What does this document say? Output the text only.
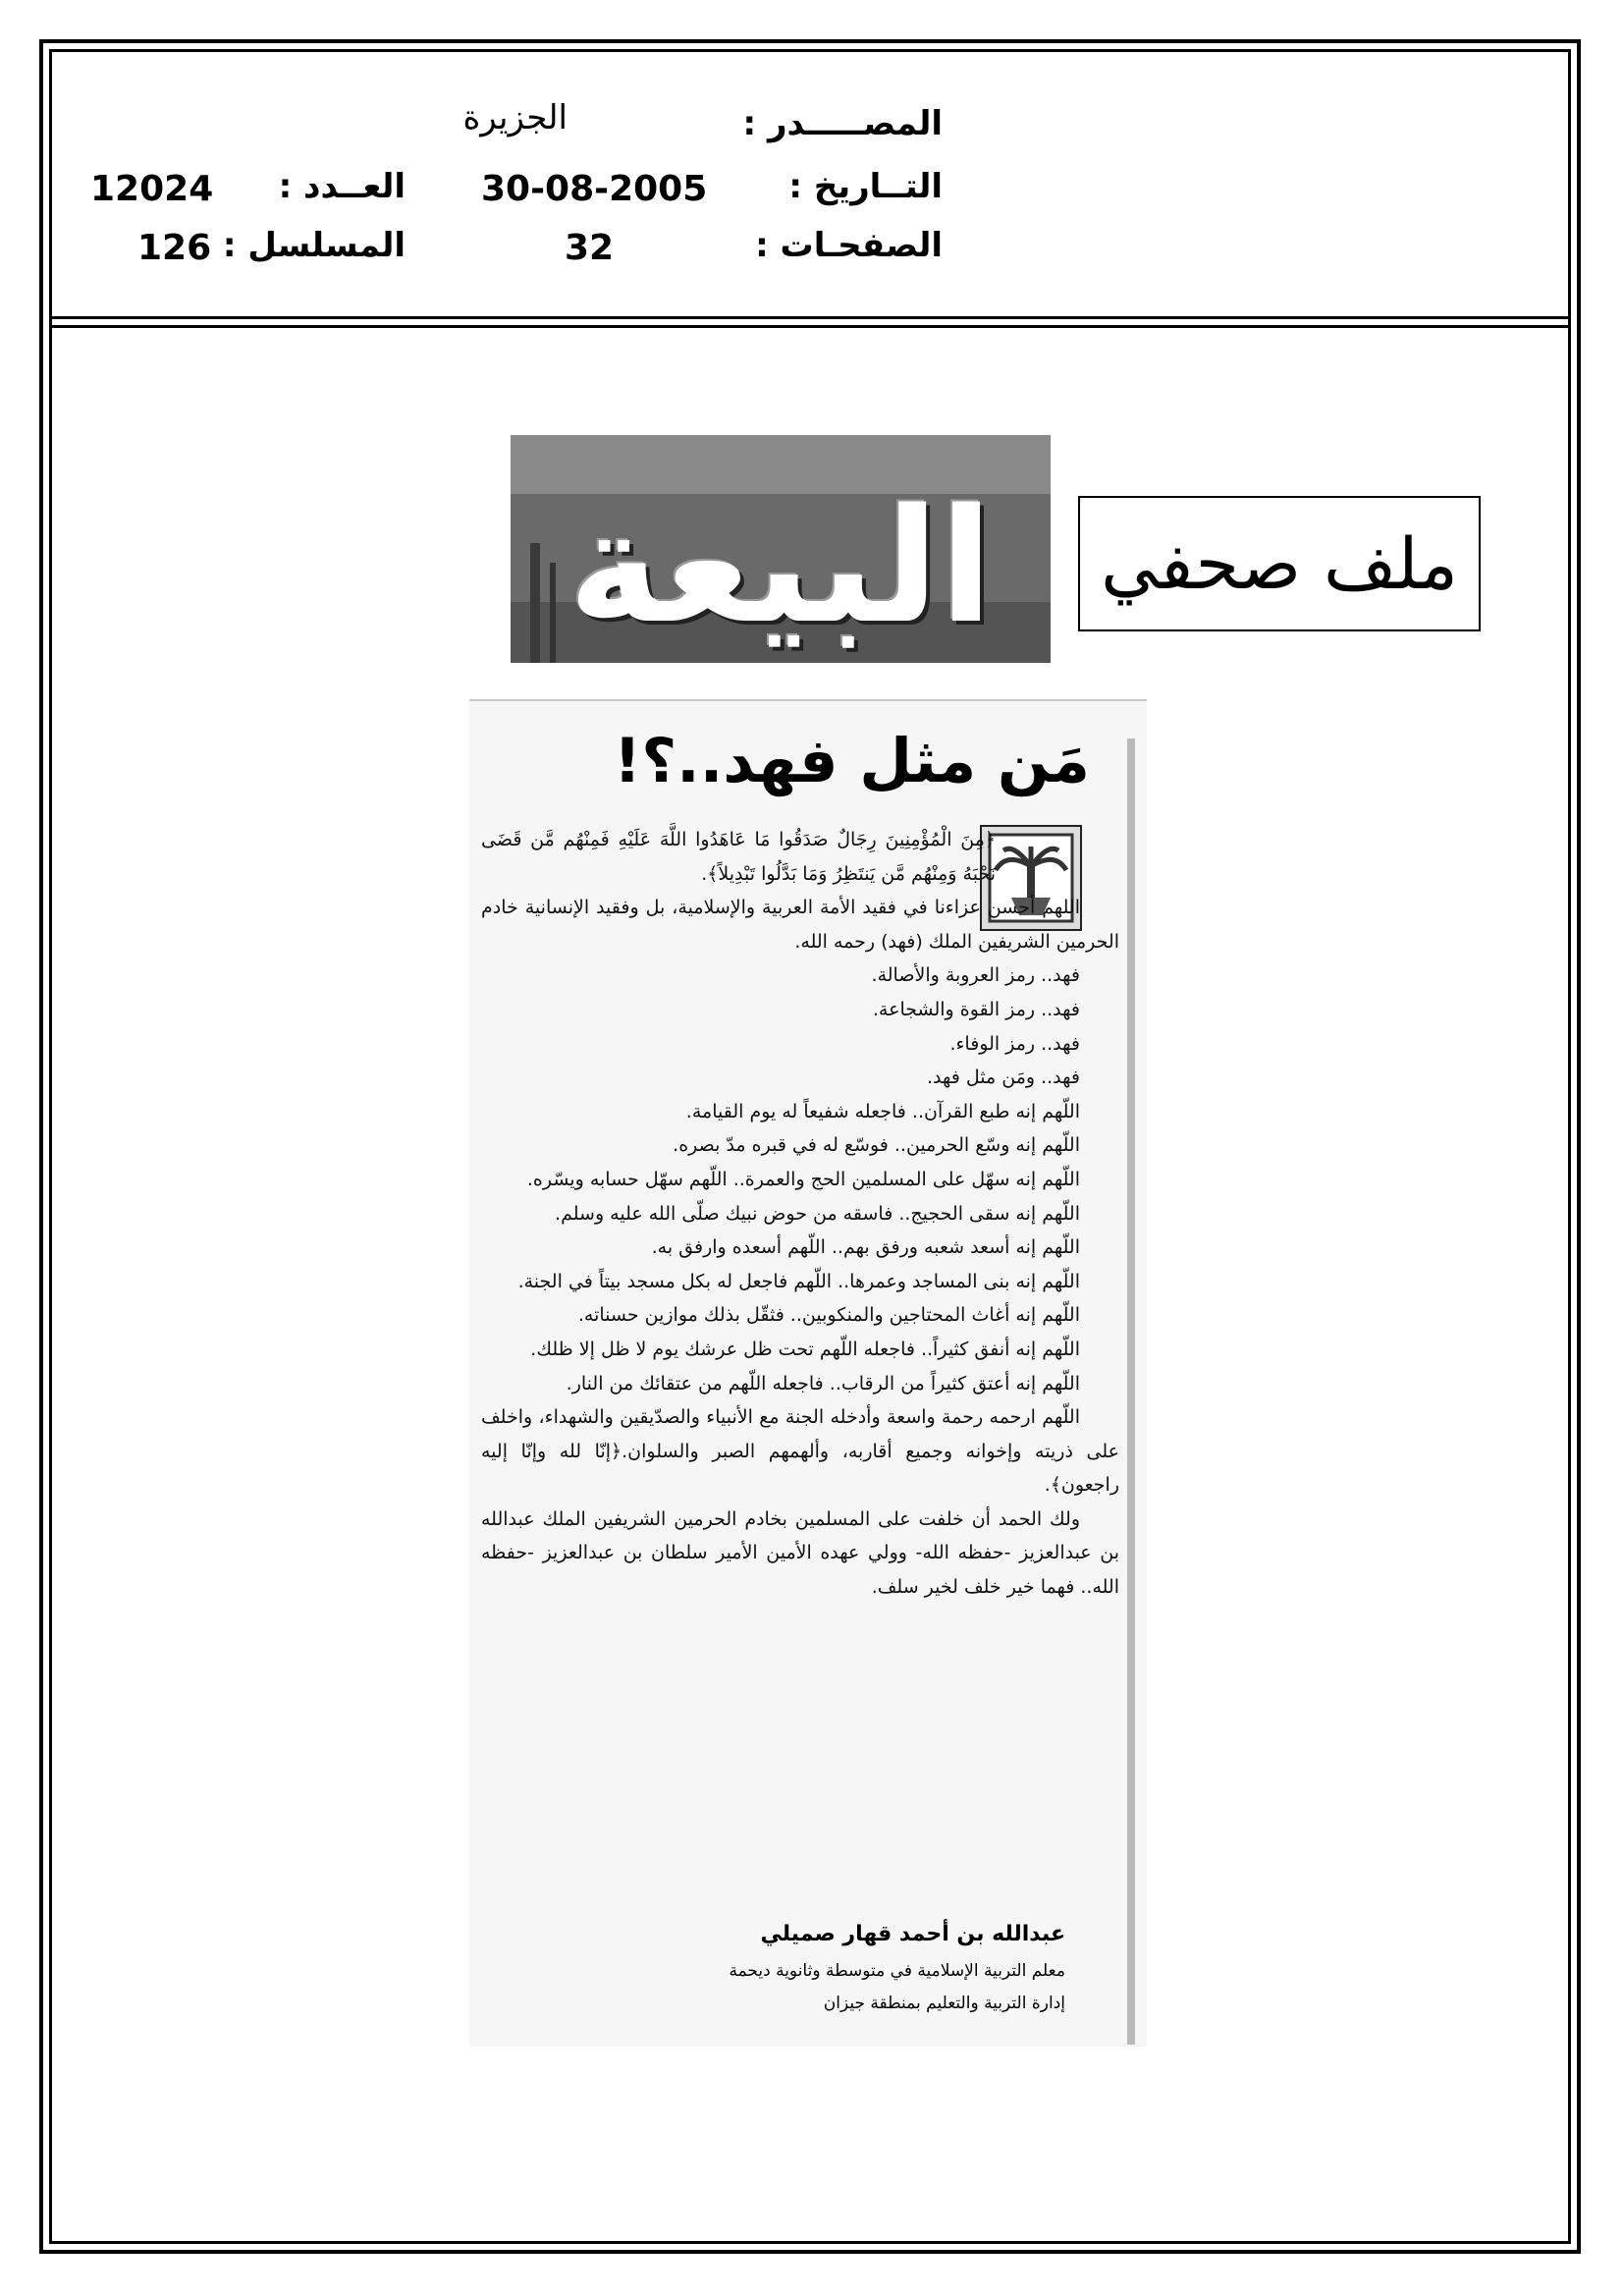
المصـــــدر :
الجزيرة
التــاريخ :
30-08-2005
الصفحـات :
32
العــدد :
12024
المسلسل :
126
البيعة	ملف صحفي
مَن مثل فهد..؟!

﴿مِنَ الْمُؤْمِنِينَ رِجَالٌ صَدَقُوا مَا عَاهَدُوا اللَّهَ عَلَيْهِ فَمِنْهُم مَّن قَضَى نَحْبَهُ وَمِنْهُم مَّن يَنتَظِرُ وَمَا بَدَّلُوا تَبْدِيلاً﴾.

اللهم أحسن عزاءنا في فقيد الأمة العربية والإسلامية، بل وفقيد الإنسانية خادم الحرمين الشريفين الملك (فهد) رحمه الله.

فهد.. رمز العروبة والأصالة.

فهد.. رمز القوة والشجاعة.

فهد.. رمز الوفاء.

فهد.. ومَن مثل فهد.

اللّهم إنه طبع القرآن.. فاجعله شفيعاً له يوم القيامة.

اللّهم إنه وسّع الحرمين.. فوسّع له في قبره مدّ بصره.

اللّهم إنه سهّل على المسلمين الحج والعمرة.. اللّهم سهّل حسابه ويسّره.

اللّهم إنه سقى الحجيج.. فاسقه من حوض نبيك صلّى الله عليه وسلم.

اللّهم إنه أسعد شعبه ورفق بهم.. اللّهم أسعده وارفق به.

اللّهم إنه بنى المساجد وعمرها.. اللّهم فاجعل له بكل مسجد بيتاً في الجنة.

اللّهم إنه أغاث المحتاجين والمنكوبين.. فثقّل بذلك موازين حسناته.

اللّهم إنه أنفق كثيراً.. فاجعله اللّهم تحت ظل عرشك يوم لا ظل إلا ظلك.

اللّهم إنه أعتق كثيراً من الرقاب.. فاجعله اللّهم من عتقائك من النار.

اللّهم ارحمه رحمة واسعة وأدخله الجنة مع الأنبياء والصدّيقين والشهداء، واخلف على ذريته وإخوانه وجميع أقاربه، وألهمهم الصبر والسلوان.﴿إنّا لله وإنّا إليه راجعون﴾.

ولك الحمد أن خلفت على المسلمين بخادم الحرمين الشريفين الملك عبدالله بن عبدالعزيز -حفظه الله- وولي عهده الأمين الأمير سلطان بن عبدالعزيز -حفظه الله.. فهما خير خلف لخير سلف.

عبدالله بن أحمد قهار صميلي
معلم التربية الإسلامية في متوسطة وثانوية ديحمة
إدارة التربية والتعليم بمنطقة جيزان
